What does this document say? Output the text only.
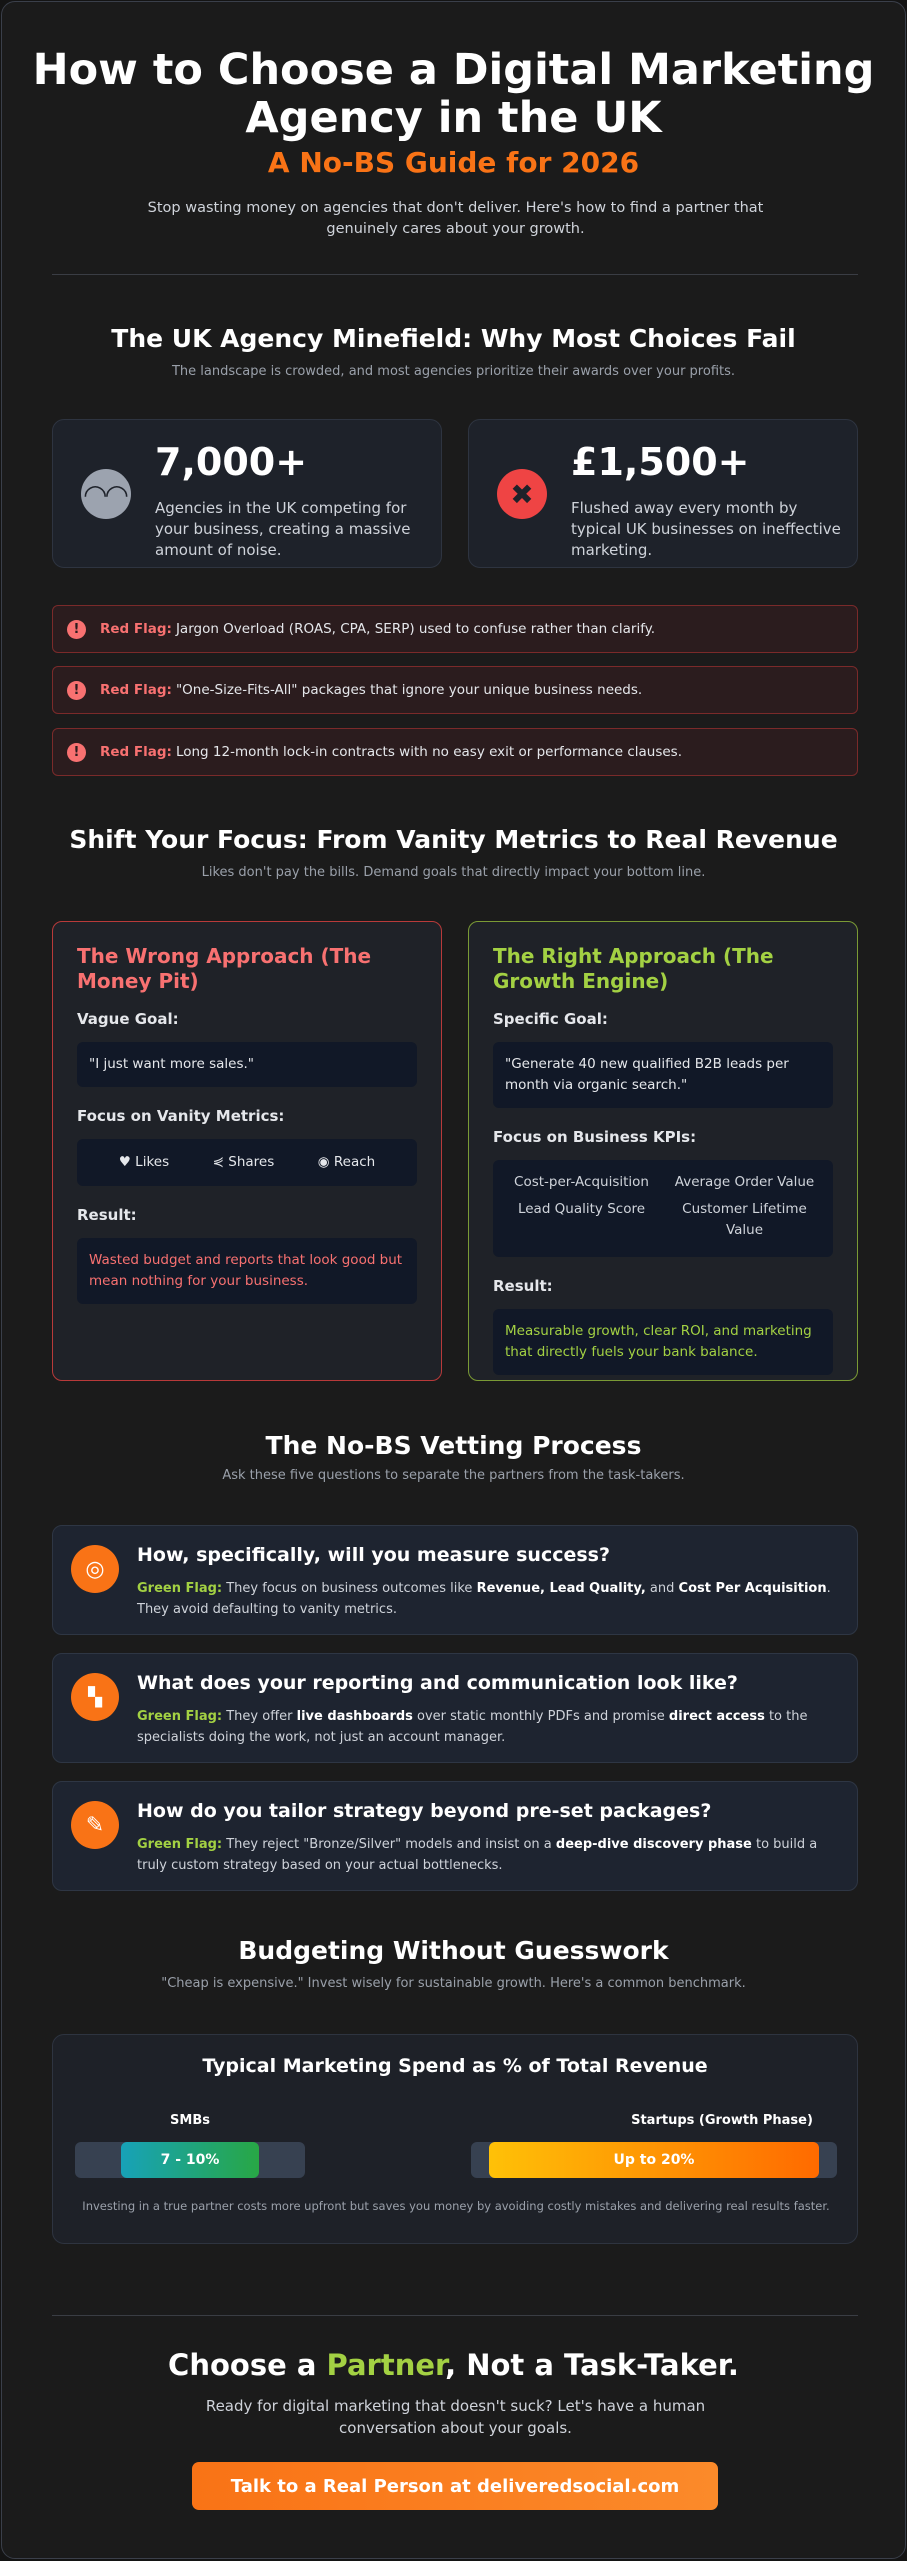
How to Choose a Digital Marketing Agency in the UK
A No-BS Guide for 2026
Stop wasting money on agencies that don't deliver. Here's how to find a partner that genuinely cares about your growth.
The UK Agency Minefield: Why Most Choices Fail
The landscape is crowded, and most agencies prioritize their awards over your profits.
◠◠
7,000+
Agencies in the UK competing for your business, creating a massive amount of noise.
✖
£1,500+
Flushed away every month by typical UK businesses on ineffective marketing.
!	Red Flag: Jargon Overload (ROAS, CPA, SERP) used to confuse rather than clarify.
!	Red Flag: "One-Size-Fits-All" packages that ignore your unique business needs.
!	Red Flag: Long 12-month lock-in contracts with no easy exit or performance clauses.
Shift Your Focus: From Vanity Metrics to Real Revenue
Likes don't pay the bills. Demand goals that directly impact your bottom line.
The Wrong Approach (The Money Pit)
Vague Goal:
"I just want more sales."
Focus on Vanity Metrics:
♥ Likes	⋞ Shares	◉ Reach
Result:
Wasted budget and reports that look good but mean nothing for your business.
The Right Approach (The Growth Engine)
Specific Goal:
"Generate 40 new qualified B2B leads per month via organic search."
Focus on Business KPIs:
Cost-per-Acquisition	Average Order Value
Lead Quality Score	Customer Lifetime Value
Result:
Measurable growth, clear ROI, and marketing that directly fuels your bank balance.
The No-BS Vetting Process
Ask these five questions to separate the partners from the task-takers.
◎
How, specifically, will you measure success?

Green Flag: They focus on business outcomes like Revenue, Lead Quality, and Cost Per Acquisition. They avoid defaulting to vanity metrics.

▚
What does your reporting and communication look like?

Green Flag: They offer live dashboards over static monthly PDFs and promise direct access to the specialists doing the work, not just an account manager.

✎
How do you tailor strategy beyond pre-set packages?

Green Flag: They reject "Bronze/Silver" models and insist on a deep-dive discovery phase to build a truly custom strategy based on your actual bottlenecks.

Budgeting Without Guesswork
"Cheap is expensive." Invest wisely for sustainable growth. Here's a common benchmark.
Typical Marketing Spend as % of Total Revenue
SMBs
7 - 10%
Startups (Growth Phase)
Up to 20%
Investing in a true partner costs more upfront but saves you money by avoiding costly mistakes and delivering real results faster.
Choose a Partner, Not a Task-Taker.
Ready for digital marketing that doesn't suck? Let's have a human conversation about your goals.
Talk to a Real Person at deliveredsocial.com
